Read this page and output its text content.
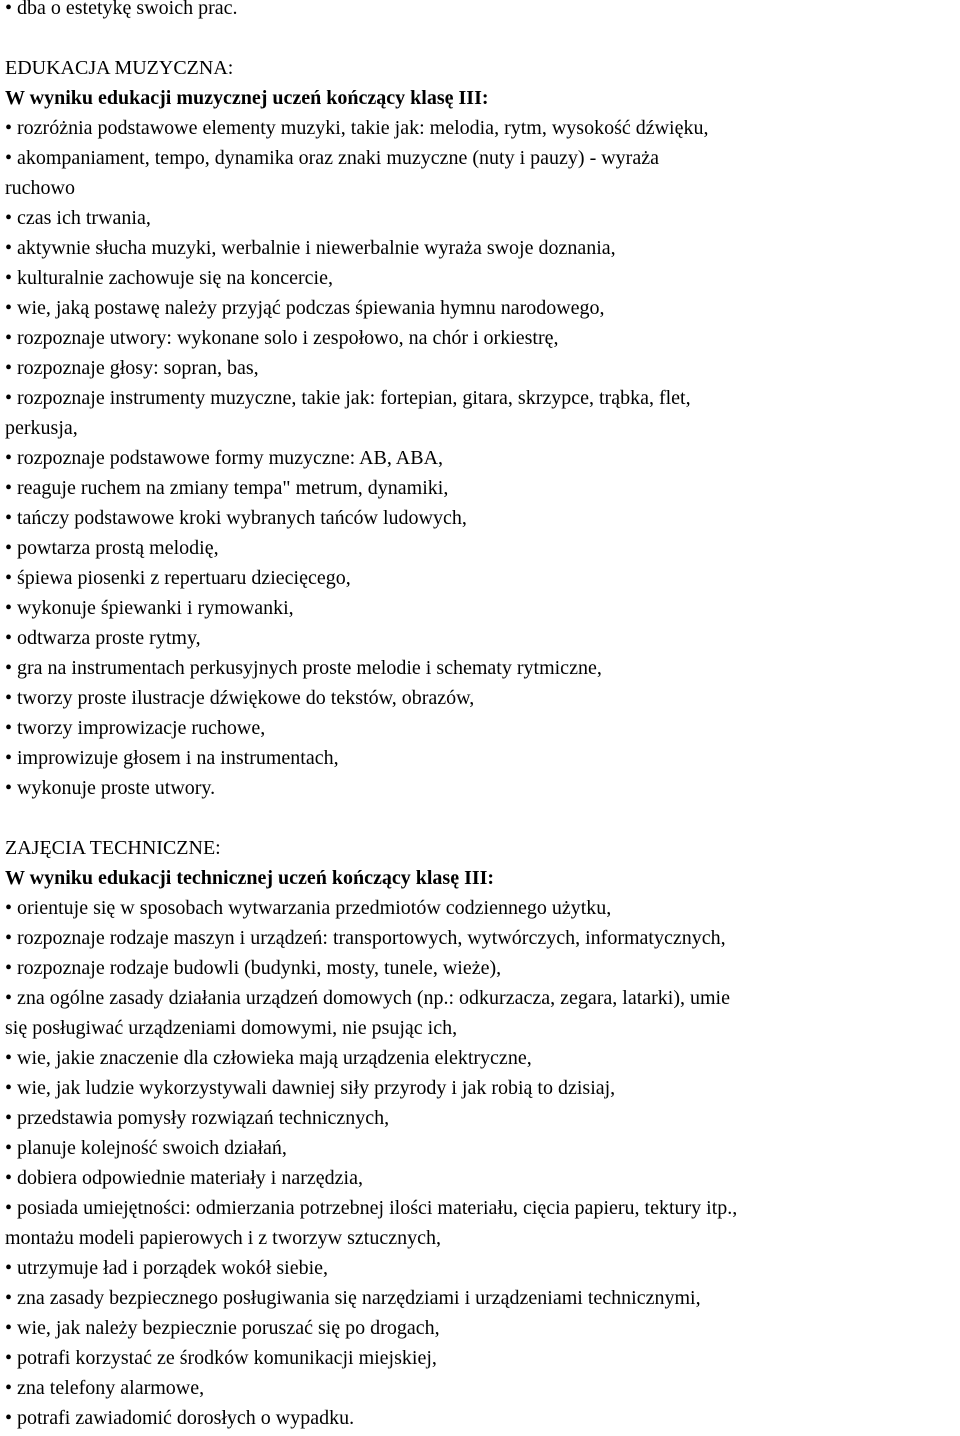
• dba o estetykę swoich prac.
EDUKACJA MUZYCZNA:
W wyniku edukacji muzycznej uczeń kończący klasę III:
• rozróżnia podstawowe elementy muzyki, takie jak: melodia, rytm, wysokość dźwięku,
• akompaniament, tempo, dynamika oraz znaki muzyczne (nuty i pauzy) - wyraża
ruchowo
• czas ich trwania,
• aktywnie słucha muzyki, werbalnie i niewerbalnie wyraża swoje doznania,
• kulturalnie zachowuje się na koncercie,
• wie, jaką postawę należy przyjąć podczas śpiewania hymnu narodowego,
• rozpoznaje utwory: wykonane solo i zespołowo, na chór i orkiestrę,
• rozpoznaje głosy: sopran, bas,
• rozpoznaje instrumenty muzyczne, takie jak: fortepian, gitara, skrzypce, trąbka, flet,
perkusja,
• rozpoznaje podstawowe formy muzyczne: AB, ABA,
• reaguje ruchem na zmiany tempa" metrum, dynamiki,
• tańczy podstawowe kroki wybranych tańców ludowych,
• powtarza prostą melodię,
• śpiewa piosenki z repertuaru dziecięcego,
• wykonuje śpiewanki i rymowanki,
• odtwarza proste rytmy,
• gra na instrumentach perkusyjnych proste melodie i schematy rytmiczne,
• tworzy proste ilustracje dźwiękowe do tekstów, obrazów,
• tworzy improwizacje ruchowe,
• improwizuje głosem i na instrumentach,
• wykonuje proste utwory.
ZAJĘCIA TECHNICZNE:
W wyniku edukacji technicznej uczeń kończący klasę III:
• orientuje się w sposobach wytwarzania przedmiotów codziennego użytku,
• rozpoznaje rodzaje maszyn i urządzeń: transportowych, wytwórczych, informatycznych,
• rozpoznaje rodzaje budowli (budynki, mosty, tunele, wieże),
• zna ogólne zasady działania urządzeń domowych (np.: odkurzacza, zegara, latarki), umie
się posługiwać urządzeniami domowymi, nie psując ich,
• wie, jakie znaczenie dla człowieka mają urządzenia elektryczne,
• wie, jak ludzie wykorzystywali dawniej siły przyrody i jak robią to dzisiaj,
• przedstawia pomysły rozwiązań technicznych,
• planuje kolejność swoich działań,
• dobiera odpowiednie materiały i narzędzia,
• posiada umiejętności: odmierzania potrzebnej ilości materiału, cięcia papieru, tektury itp.,
montażu modeli papierowych i z tworzyw sztucznych,
• utrzymuje ład i porządek wokół siebie,
• zna zasady bezpiecznego posługiwania się narzędziami i urządzeniami technicznymi,
• wie, jak należy bezpiecznie poruszać się po drogach,
• potrafi korzystać ze środków komunikacji miejskiej,
• zna telefony alarmowe,
• potrafi zawiadomić dorosłych o wypadku.
